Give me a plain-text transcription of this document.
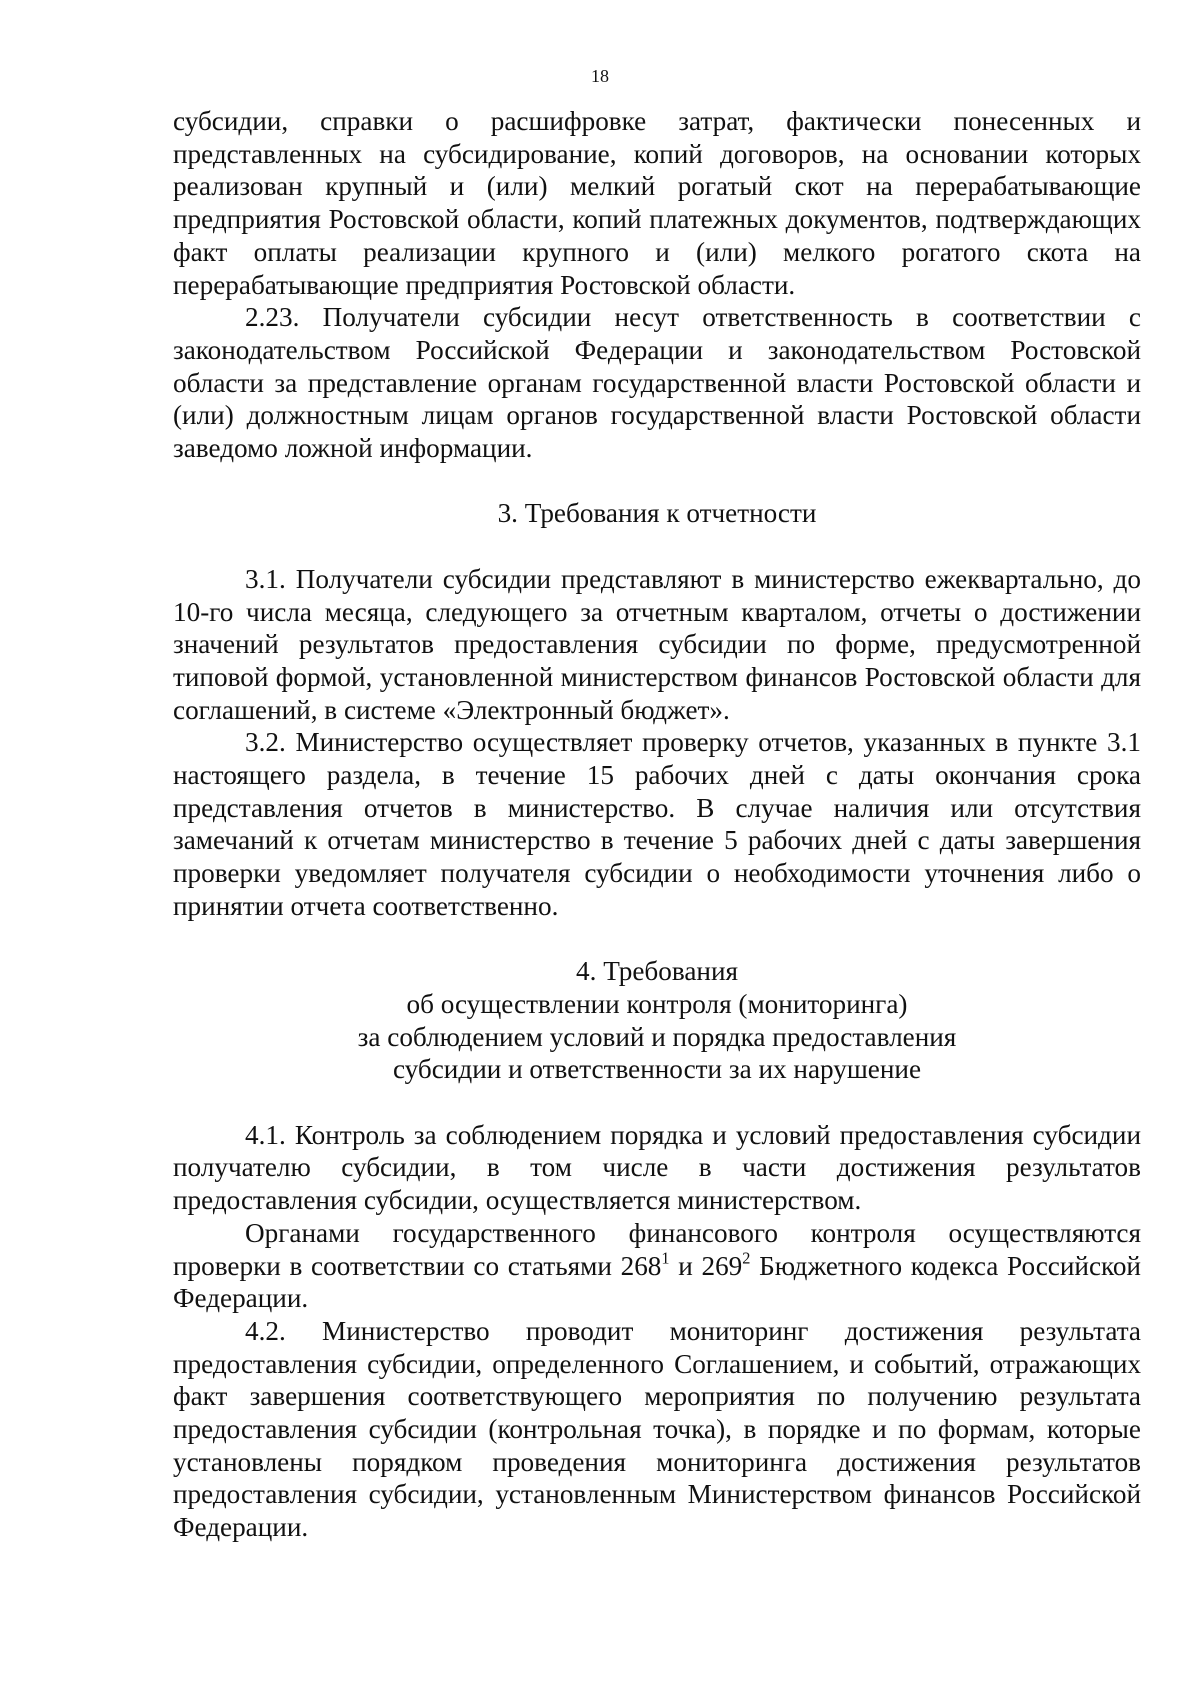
18

субсидии, справки о расшифровке затрат, фактически понесенных и представленных на субсидирование, копий договоров, на основании которых реализован крупный и (или) мелкий рогатый скот на перерабатывающие предприятия Ростовской области, копий платежных документов, подтверждающих факт оплаты реализации крупного и (или) мелкого рогатого скота на перерабатывающие предприятия Ростовской области.

2.23. Получатели субсидии несут ответственность в соответствии с законодательством Российской Федерации и законодательством Ростовской области за представление органам государственной власти Ростовской области и (или) должностным лицам органов государственной власти Ростовской области заведомо ложной информации.

3. Требования к отчетности

3.1. Получатели субсидии представляют в министерство ежеквартально, до 10-го числа месяца, следующего за отчетным кварталом, отчеты о достижении значений результатов предоставления субсидии по форме, предусмотренной типовой формой, установленной министерством финансов Ростовской области для соглашений, в системе «Электронный бюджет».

3.2. Министерство осуществляет проверку отчетов, указанных в пункте 3.1 настоящего раздела, в течение 15 рабочих дней с даты окончания срока представления отчетов в министерство. В случае наличия или отсутствия замечаний к отчетам министерство в течение 5 рабочих дней с даты завершения проверки уведомляет получателя субсидии о необходимости уточнения либо о принятии отчета соответственно.

4. Требования
об осуществлении контроля (мониторинга)
за соблюдением условий и порядка предоставления
субсидии и ответственности за их нарушение

4.1. Контроль за соблюдением порядка и условий предоставления субсидии получателю субсидии, в том числе в части достижения результатов предоставления субсидии, осуществляется министерством.

Органами государственного финансового контроля осуществляются проверки в соответствии со статьями $268^1$ и $269^2$ Бюджетного кодекса Российской Федерации.

4.2. Министерство проводит мониторинг достижения результата предоставления субсидии, определенного Соглашением, и событий, отражающих факт завершения соответствующего мероприятия по получению результата предоставления субсидии (контрольная точка), в порядке и по формам, которые установлены порядком проведения мониторинга достижения результатов предоставления субсидии, установленным Министерством финансов Российской Федерации.
